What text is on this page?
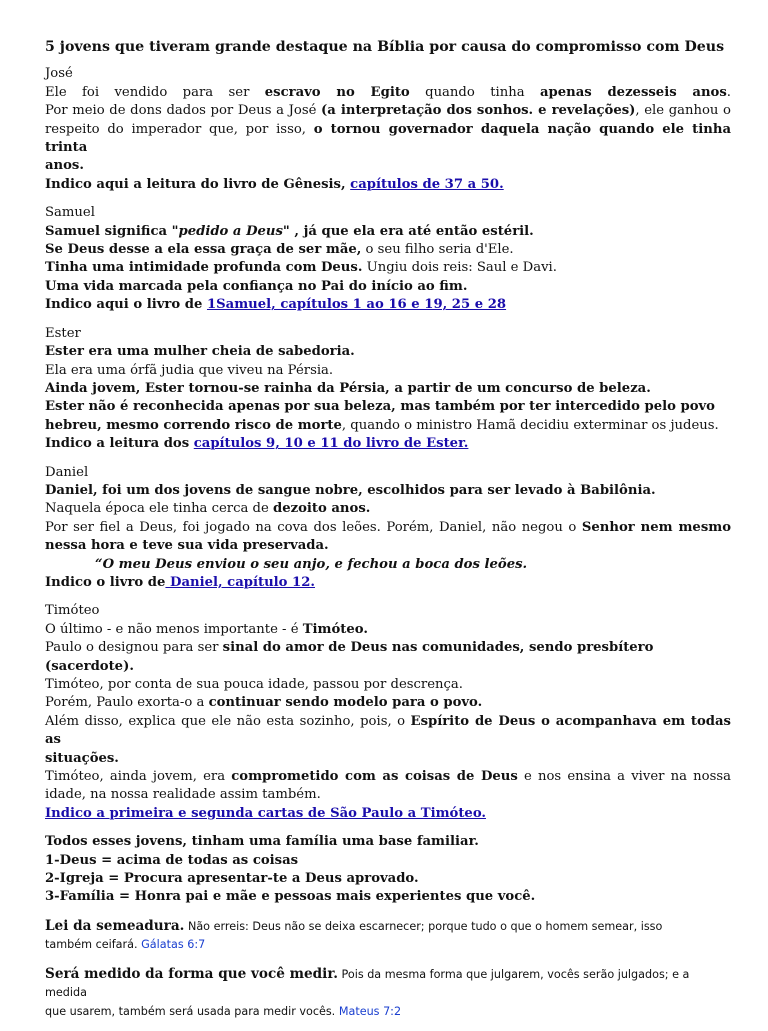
5 jovens que tiveram grande destaque na Bíblia por causa do compromisso com Deus
José
Ele foi vendido para ser escravo no Egito quando tinha apenas dezesseis anos.
Por meio de dons dados por Deus a José (a interpretação dos sonhos. e revelações), ele ganhou o
respeito do imperador que, por isso, o tornou governador daquela nação quando ele tinha trinta
anos.
Indico aqui a leitura do livro de Gênesis, capítulos de 37 a 50.
Samuel
Samuel significa "pedido a Deus" , já que ela era até então estéril.
Se Deus desse a ela essa graça de ser mãe, o seu filho seria d'Ele.
Tinha uma intimidade profunda com Deus. Ungiu dois reis: Saul e Davi.
Uma vida marcada pela confiança no Pai do início ao fim.
Indico aqui o livro de 1Samuel, capítulos 1 ao 16 e 19, 25 e 28
Ester
Ester era uma mulher cheia de sabedoria.
Ela era uma órfã judia que viveu na Pérsia.
Ainda jovem, Ester tornou-se rainha da Pérsia, a partir de um concurso de beleza.
Ester não é reconhecida apenas por sua beleza, mas também por ter intercedido pelo povo
hebreu, mesmo correndo risco de morte, quando o ministro Hamã decidiu exterminar os judeus.
Indico a leitura dos capítulos 9, 10 e 11 do livro de Ester.
Daniel
Daniel, foi um dos jovens de sangue nobre, escolhidos para ser levado à Babilônia.
Naquela época ele tinha cerca de dezoito anos.
Por ser fiel a Deus, foi jogado na cova dos leões. Porém, Daniel, não negou o Senhor nem mesmo
nessa hora e teve sua vida preservada.
“O meu Deus enviou o seu anjo, e fechou a boca dos leões.
Indico o livro de Daniel, capítulo 12.
Timóteo
O último - e não menos importante - é Timóteo.
Paulo o designou para ser sinal do amor de Deus nas comunidades, sendo presbítero (sacerdote).
Timóteo, por conta de sua pouca idade, passou por descrença.
Porém, Paulo exorta-o a continuar sendo modelo para o povo.
Além disso, explica que ele não esta sozinho, pois, o Espírito de Deus o acompanhava em todas as
situações.
Timóteo, ainda jovem, era comprometido com as coisas de Deus e nos ensina a viver na nossa
idade, na nossa realidade assim também.
Indico a primeira e segunda cartas de São Paulo a Timóteo.
Todos esses jovens, tinham uma família uma base familiar.
1-Deus = acima de todas as coisas
2-Igreja = Procura apresentar-te a Deus aprovado.
3-Família = Honra pai e mãe e pessoas mais experientes que você.
Lei da semeadura. Não erreis: Deus não se deixa escarnecer; porque tudo o que o homem semear, isso
também ceifará. Gálatas 6:7
Será medido da forma que você medir. Pois da mesma forma que julgarem, vocês serão julgados; e a medida
que usarem, também será usada para medir vocês. Mateus 7:2
